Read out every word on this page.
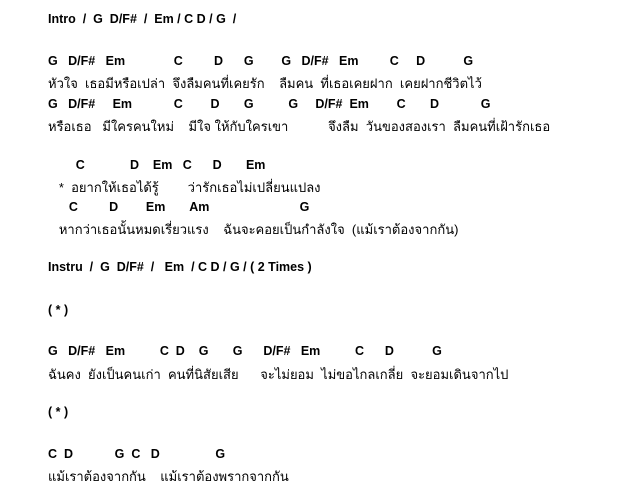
Intro  /  G  D/F#  /  Em / C D / G  /
G   D/F#   Em              C         D      G        G   D/F#   Em         C     D           G
หัวใจ  เธอมีหรือเปล่า  จึงลืมคนที่เคยรัก    ลืมคน  ที่เธอเคยฝาก  เคยฝากชีวิตไว้
G   D/F#     Em            C        D       G          G     D/F#  Em        C       D            G
หรือเธอ   มีใครคนใหม่    มีใจ ให้กับใครเขา           จึงลืม  วันของสองเรา  ลืมคนที่เฝ้ารักเธอ
C             D    Em   C      D       Em
*  อยากให้เธอได้รู้        ว่ารักเธอไม่เปลี่ยนแปลง
C         D        Em       Am                          G
หากว่าเธอนั้นหมดเรี่ยวแรง    ฉันจะคอยเป็นกำลังใจ  (แม้เราต้องจากกัน)
Instru  /  G  D/F#  /   Em  / C D / G / ( 2 Times )
( * )
G   D/F#   Em          C  D    G       G      D/F#   Em          C      D           G
ฉันคง  ยังเป็นคนเก่า  คนที่นิสัยเสีย      จะไม่ยอม  ไม่ขอไกลเกลี่ย  จะยอมเดินจากไป
( * )
C  D            G  C   D                G
แม้เราต้องจากกัน    แม้เราต้องพรากจากกัน
